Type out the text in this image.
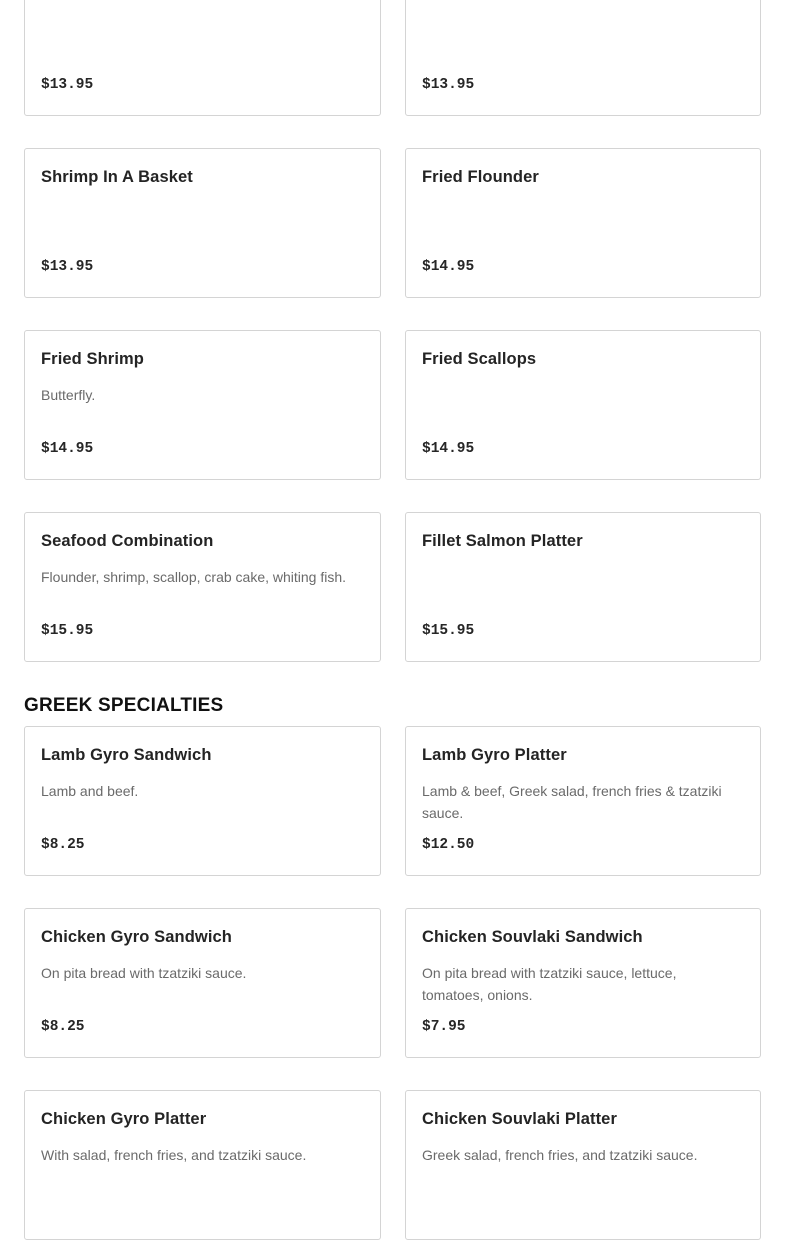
$13.95	$13.95
Shrimp In A Basket
$13.95
Fried Flounder
$14.95
Fried Shrimp
Butterfly.
$14.95
Fried Scallops
$14.95
Seafood Combination
Flounder, shrimp, scallop, crab cake, whiting fish.
$15.95
Fillet Salmon Platter
$15.95
GREEK SPECIALTIES
Lamb Gyro Sandwich
Lamb and beef.
$8.25
Lamb Gyro Platter
Lamb & beef, Greek salad, french fries & tzatziki sauce.
$12.50
Chicken Gyro Sandwich
On pita bread with tzatziki sauce.
$8.25
Chicken Souvlaki Sandwich
On pita bread with tzatziki sauce, lettuce, tomatoes, onions.
$7.95
Chicken Gyro Platter
With salad, french fries, and tzatziki sauce.
Chicken Souvlaki Platter
Greek salad, french fries, and tzatziki sauce.
